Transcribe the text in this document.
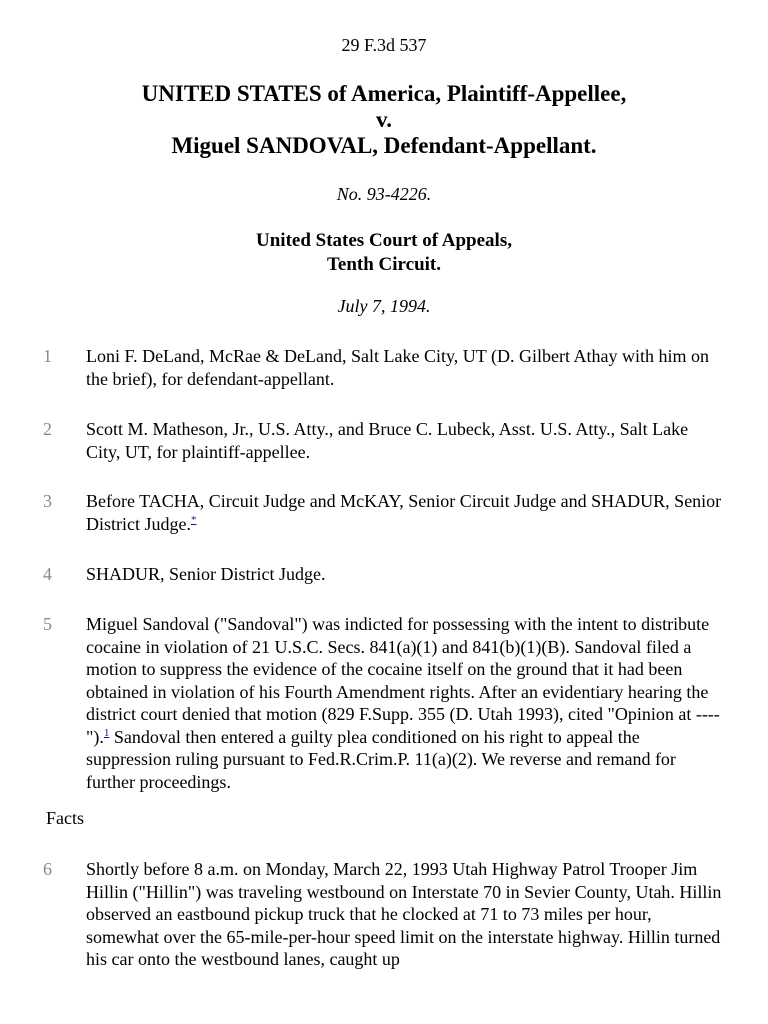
29 F.3d 537
UNITED STATES of America, Plaintiff-Appellee,
v.
Miguel SANDOVAL, Defendant-Appellant.
No. 93-4226.
United States Court of Appeals,
Tenth Circuit.
July 7, 1994.
1 Loni F. DeLand, McRae & DeLand, Salt Lake City, UT (D. Gilbert Athay with him on the brief), for defendant-appellant.
2 Scott M. Matheson, Jr., U.S. Atty., and Bruce C. Lubeck, Asst. U.S. Atty., Salt Lake City, UT, for plaintiff-appellee.
3 Before TACHA, Circuit Judge and McKAY, Senior Circuit Judge and SHADUR, Senior District Judge.*
4 SHADUR, Senior District Judge.
5 Miguel Sandoval ("Sandoval") was indicted for possessing with the intent to distribute cocaine in violation of 21 U.S.C. Secs. 841(a)(1) and 841(b)(1)(B). Sandoval filed a motion to suppress the evidence of the cocaine itself on the ground that it had been obtained in violation of his Fourth Amendment rights. After an evidentiary hearing the district court denied that motion (829 F.Supp. 355 (D. Utah 1993), cited "Opinion at ----").$^1$ Sandoval then entered a guilty plea conditioned on his right to appeal the suppression ruling pursuant to Fed.R.Crim.P. 11(a)(2). We reverse and remand for further proceedings.
Facts
6 Shortly before 8 a.m. on Monday, March 22, 1993 Utah Highway Patrol Trooper Jim Hillin ("Hillin") was traveling westbound on Interstate 70 in Sevier County, Utah. Hillin observed an eastbound pickup truck that he clocked at 71 to 73 miles per hour, somewhat over the 65-mile-per-hour speed limit on the interstate highway. Hillin turned his car onto the westbound lanes, caught up
